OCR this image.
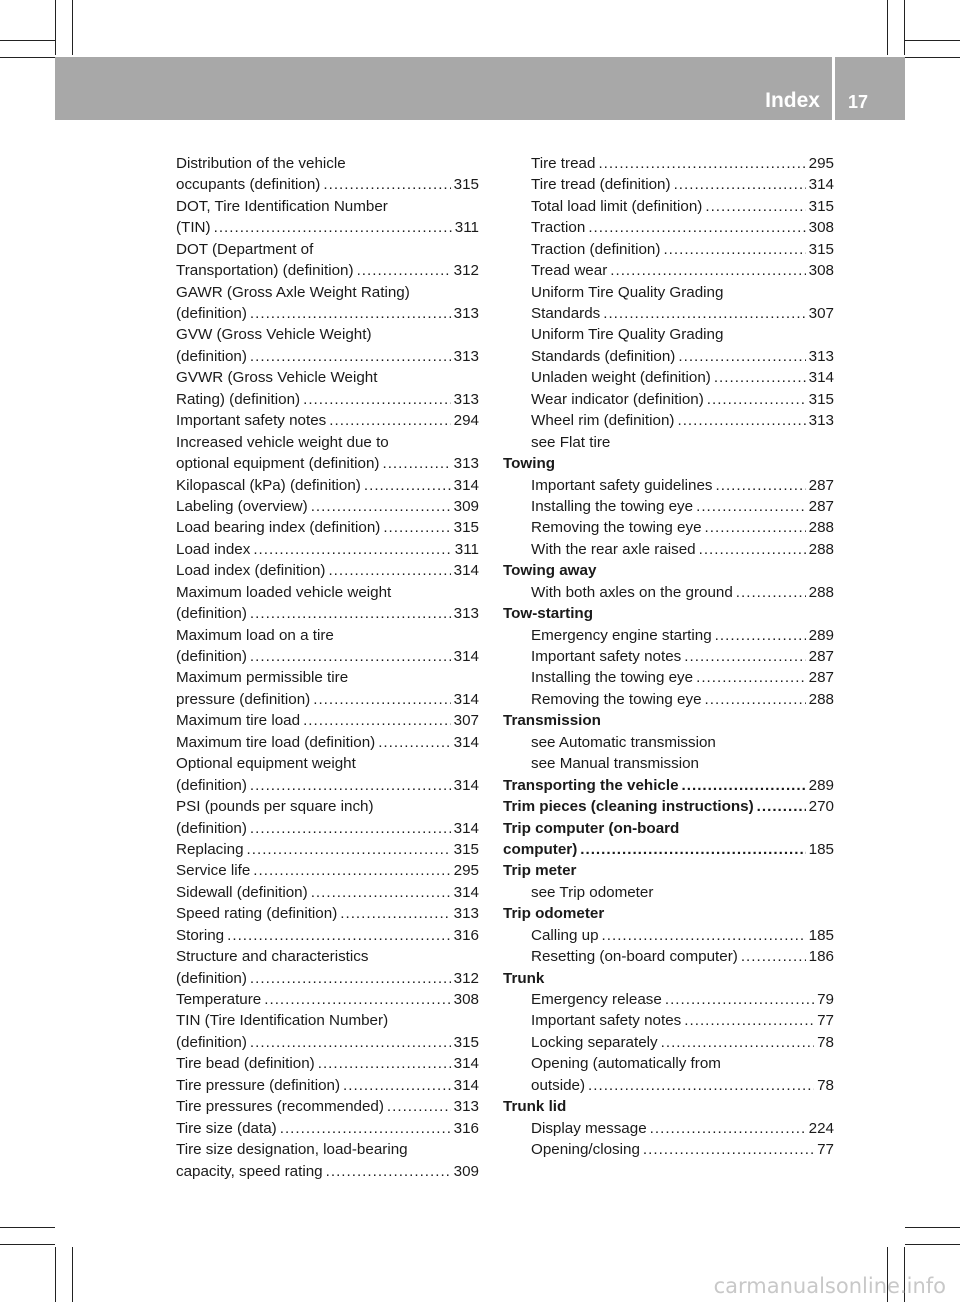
Index 17
Distribution of the vehicle
occupants (definition) .....	315
DOT, Tire Identification Number
(TIN) .....	311
DOT (Department of
Transportation) (definition) .....	312
GAWR (Gross Axle Weight Rating)
(definition) .....	313
GVW (Gross Vehicle Weight)
(definition) .....	313
GVWR (Gross Vehicle Weight
Rating) (definition) .....	313
Important safety notes .....	294
Increased vehicle weight due to
optional equipment (definition) .....	313
Kilopascal (kPa) (definition) .....	314
Labeling (overview) .....	309
Load bearing index (definition) .....	315
Load index .....	311
Load index (definition) .....	314
Maximum loaded vehicle weight
(definition) .....	313
Maximum load on a tire
(definition) .....	314
Maximum permissible tire
pressure (definition) .....	314
Maximum tire load .....	307
Maximum tire load (definition) .....	314
Optional equipment weight
(definition) .....	314
PSI (pounds per square inch)
(definition) .....	314
Replacing .....	315
Service life .....	295
Sidewall (definition) .....	314
Speed rating (definition) .....	313
Storing .....	316
Structure and characteristics
(definition) .....	312
Temperature .....	308
TIN (Tire Identification Number)
(definition) .....	315
Tire bead (definition) .....	314
Tire pressure (definition) .....	314
Tire pressures (recommended) .....	313
Tire size (data) .....	316
Tire size designation, load-bearing
capacity, speed rating .....	309
Tire tread .....	295
Tire tread (definition) .....	314
Total load limit (definition) .....	315
Traction .....	308
Traction (definition) .....	315
Tread wear .....	308
Uniform Tire Quality Grading
Standards .....	307
Uniform Tire Quality Grading
Standards (definition) .....	313
Unladen weight (definition) .....	314
Wear indicator (definition) .....	315
Wheel rim (definition) .....	313
see Flat tire
Towing
Important safety guidelines .....	287
Installing the towing eye .....	287
Removing the towing eye .....	288
With the rear axle raised .....	288
Towing away
With both axles on the ground .....	288
Tow-starting
Emergency engine starting .....	289
Important safety notes .....	287
Installing the towing eye .....	287
Removing the towing eye .....	288
Transmission
see Automatic transmission
see Manual transmission
Transporting the vehicle .....	289
Trim pieces (cleaning instructions) .....	270
Trip computer (on-board
computer) .....	185
Trip meter
see Trip odometer
Trip odometer
Calling up .....	185
Resetting (on-board computer) .....	186
Trunk
Emergency release .....	79
Important safety notes .....	77
Locking separately .....	78
Opening (automatically from
outside) .....	78
Trunk lid
Display message .....	224
Opening/closing .....	77
carmanualsonline.info
